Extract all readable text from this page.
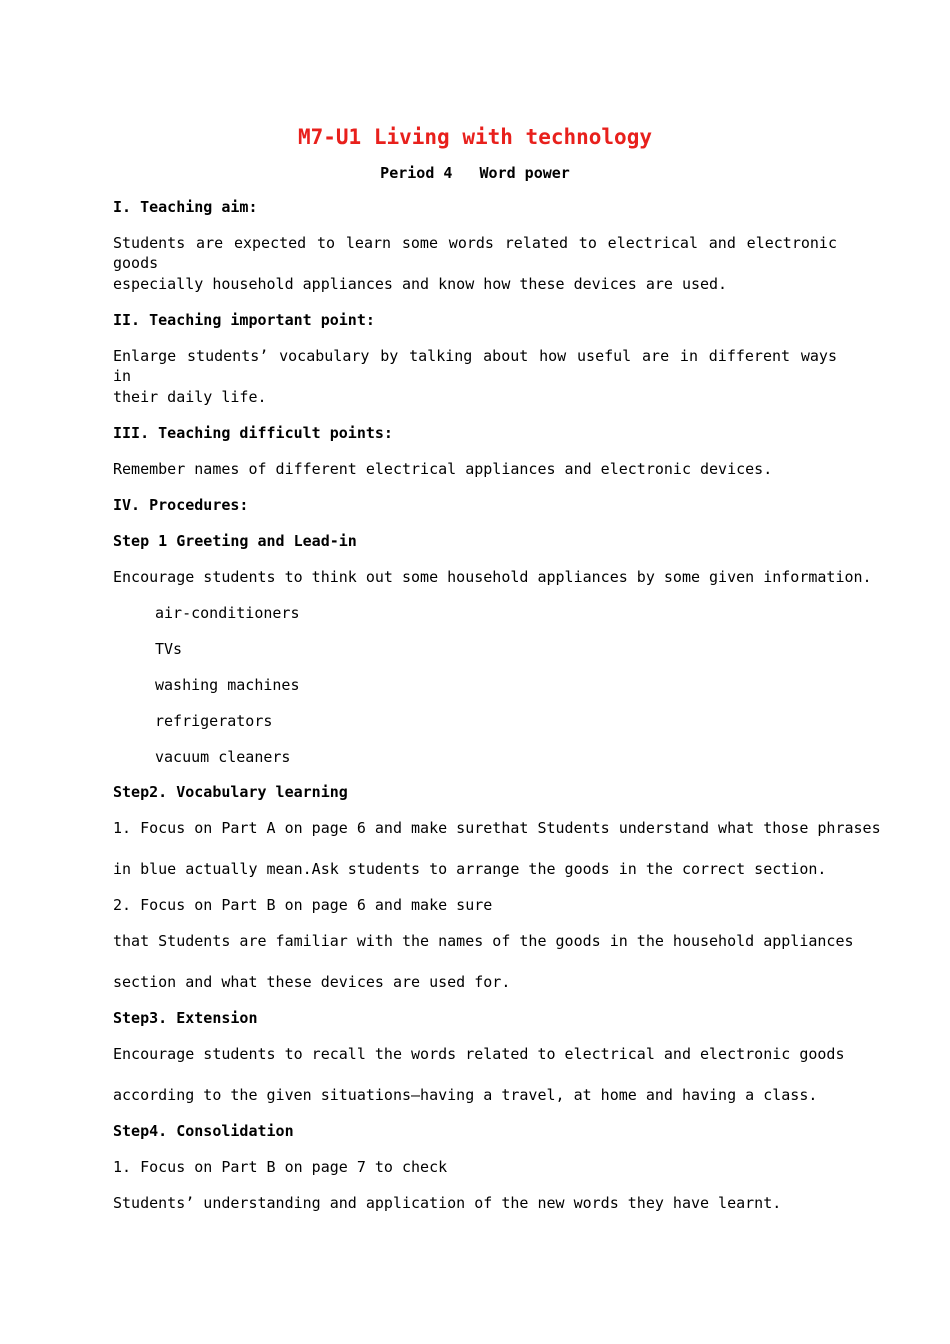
M7-U1 Living with technology
Period 4   Word power
I. Teaching aim:
Students are expected to learn some words related to electrical and electronic goods
especially household appliances and know how these devices are used.
II. Teaching important point:
Enlarge students’ vocabulary by talking about how useful are in different ways in
their daily life.
III. Teaching difficult points:
Remember names of different electrical appliances and electronic devices.
IV. Procedures:
Step 1 Greeting and Lead-in
Encourage students to think out some household appliances by some given information.
air-conditioners
TVs
washing machines
refrigerators
vacuum cleaners
Step2. Vocabulary learning
1. Focus on Part A on page 6 and make surethat Students understand what those phrases
in blue actually mean.Ask students to arrange the goods in the correct section.
2. Focus on Part B on page 6 and make sure
that Students are familiar with the names of the goods in the household appliances
section and what these devices are used for.
Step3. Extension
Encourage students to recall the words related to electrical and electronic goods
according to the given situations—having a travel, at home and having a class.
Step4. Consolidation
1. Focus on Part B on page 7 to check
Students’ understanding and application of the new words they have learnt.
